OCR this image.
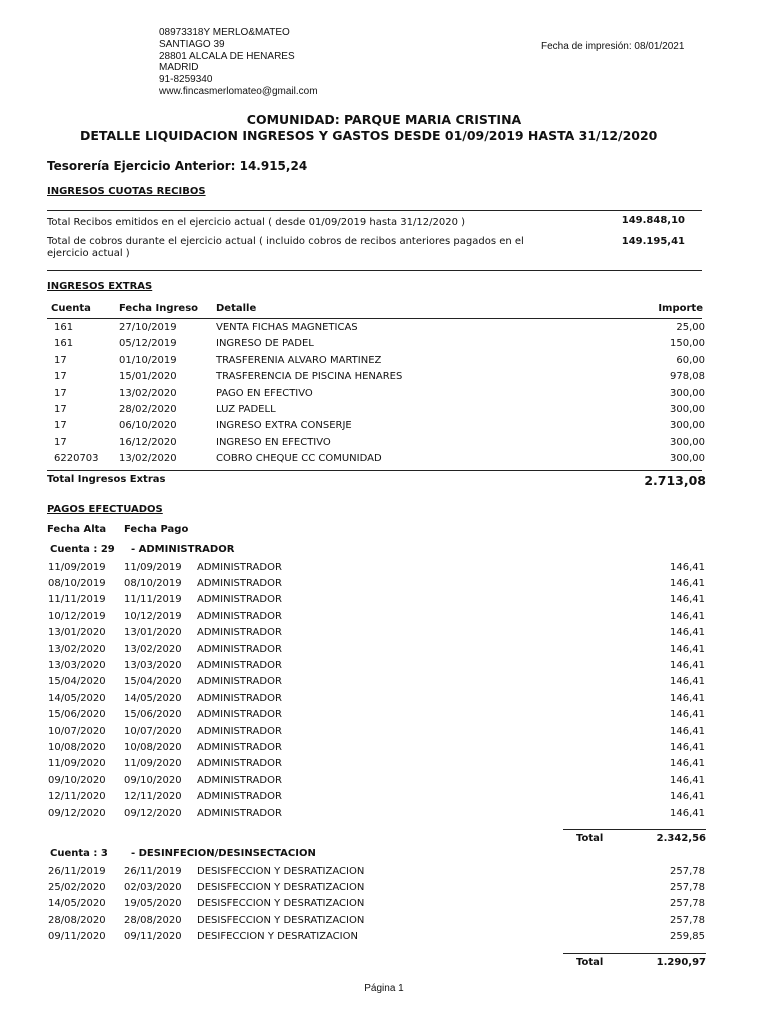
08973318Y MERLO&MATEO
SANTIAGO 39
28801 ALCALA DE HENARES
MADRID
91-8259340
www.fincasmerlomateo@gmail.com
Fecha de impresión: 08/01/2021
COMUNIDAD: PARQUE MARIA CRISTINA
DETALLE LIQUIDACION INGRESOS Y GASTOS DESDE 01/09/2019 HASTA 31/12/2020
Tesorería Ejercicio Anterior: 14.915,24
INGRESOS CUOTAS RECIBOS
Total Recibos emitidos en el ejercicio actual ( desde 01/09/2019 hasta 31/12/2020 )	149.848,10
Total de cobros durante el ejercicio actual ( incluido cobros de recibos anteriores pagados en el
ejercicio actual )
149.195,41
INGRESOS EXTRAS
Cuenta	Fecha Ingreso Detalle	Importe
161	27/10/2019	VENTA FICHAS MAGNETICAS	25,00
161	05/12/2019	INGRESO DE PADEL	150,00
17	01/10/2019	TRASFERENIA ALVARO MARTINEZ	60,00
17	15/01/2020	TRASFERENCIA DE PISCINA HENARES	978,08
17	13/02/2020	PAGO EN EFECTIVO	300,00
17	28/02/2020	LUZ PADELL	300,00
17	06/10/2020	INGRESO EXTRA CONSERJE	300,00
17	16/12/2020	INGRESO EN EFECTIVO	300,00
6220703 13/02/2020	COBRO CHEQUE CC COMUNIDAD	300,00
Total Ingresos Extras	2.713,08
PAGOS EFECTUADOS
Fecha Alta Fecha Pago
Cuenta : 29 - ADMINISTRADOR
11/09/2019 11/09/2019 ADMINISTRADOR	146,41
08/10/2019 08/10/2019 ADMINISTRADOR	146,41
11/11/2019 11/11/2019 ADMINISTRADOR	146,41
10/12/2019 10/12/2019 ADMINISTRADOR	146,41
13/01/2020 13/01/2020 ADMINISTRADOR	146,41
13/02/2020 13/02/2020 ADMINISTRADOR	146,41
13/03/2020 13/03/2020 ADMINISTRADOR	146,41
15/04/2020 15/04/2020 ADMINISTRADOR	146,41
14/05/2020 14/05/2020 ADMINISTRADOR	146,41
15/06/2020 15/06/2020 ADMINISTRADOR	146,41
10/07/2020 10/07/2020 ADMINISTRADOR	146,41
10/08/2020 10/08/2020 ADMINISTRADOR	146,41
11/09/2020 11/09/2020 ADMINISTRADOR	146,41
09/10/2020 09/10/2020 ADMINISTRADOR	146,41
12/11/2020 12/11/2020 ADMINISTRADOR	146,41
09/12/2020 09/12/2020 ADMINISTRADOR	146,41
Total	2.342,56
Cuenta : 3 - DESINFECION/DESINSECTACION
26/11/2019 26/11/2019 DESISFECCION Y DESRATIZACION	257,78
25/02/2020 02/03/2020 DESISFECCION Y DESRATIZACION	257,78
14/05/2020 19/05/2020 DESISFECCION Y DESRATIZACION	257,78
28/08/2020 28/08/2020 DESISFECCION Y DESRATIZACION	257,78
09/11/2020 09/11/2020 DESIFECCION Y DESRATIZACION	259,85
Total	1.290,97
Página 1
